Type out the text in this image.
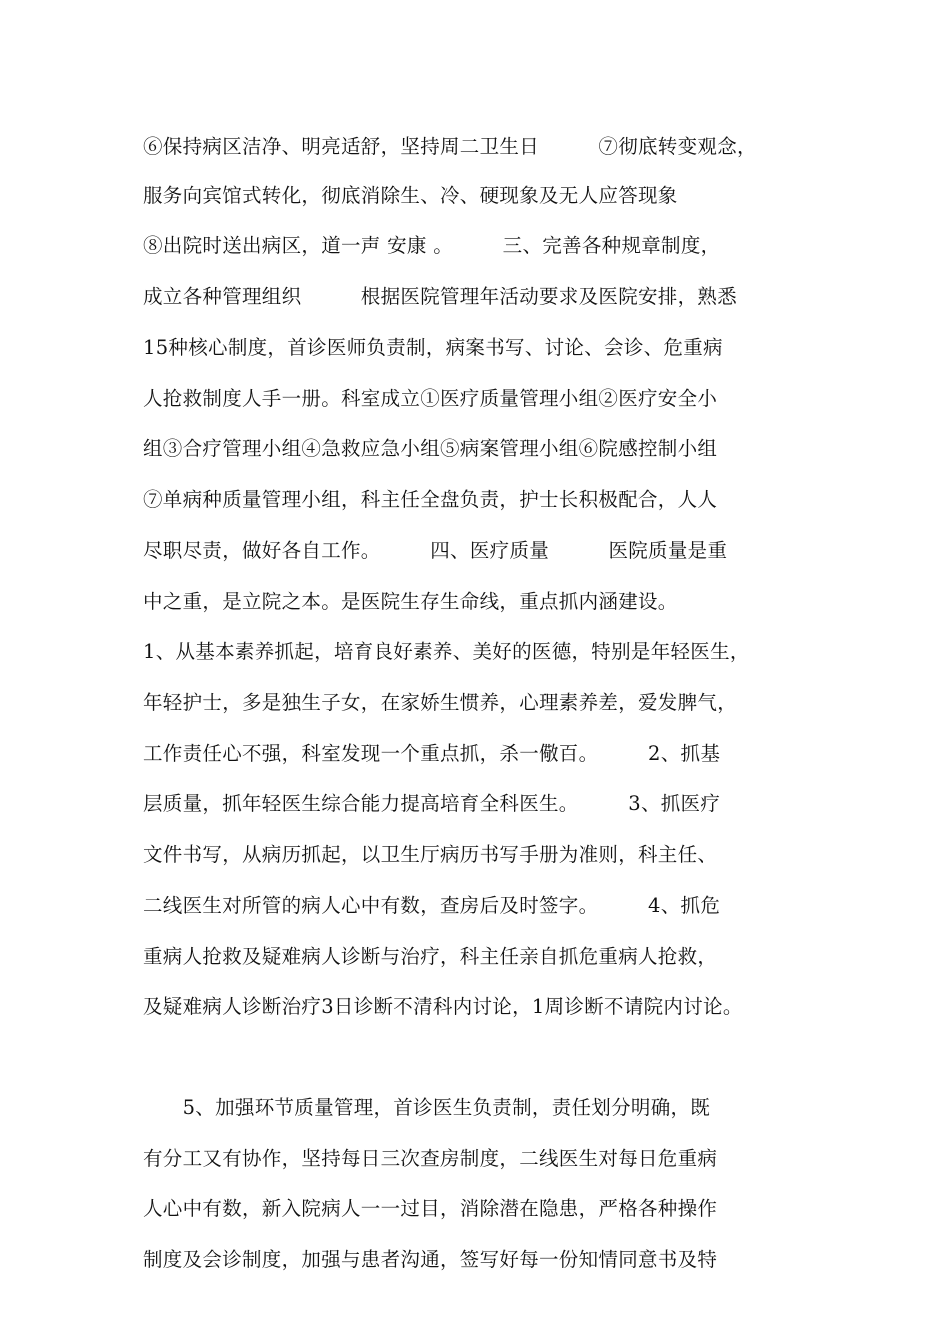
⑥保持病区洁净、明亮适舒，坚持周二卫生日　　　⑦彻底转变观念，
服务向宾馆式转化，彻底消除生、冷、硬现象及无人应答现象
⑧出院时送出病区，道一声 安康 。　　　三、完善各种规章制度，
成立各种管理组织　　　根据医院管理年活动要求及医院安排，熟悉
15种核心制度，首诊医师负责制，病案书写、讨论、会诊、危重病
人抢救制度人手一册。科室成立①医疗质量管理小组②医疗安全小
组③合疗管理小组④急救应急小组⑤病案管理小组⑥院感控制小组
⑦单病种质量管理小组，科主任全盘负责，护士长积极配合，人人
尽职尽责，做好各自工作。　　　四、医疗质量　　　医院质量是重
中之重，是立院之本。是医院生存生命线，重点抓内涵建设。
1、从基本素养抓起，培育良好素养、美好的医德，特别是年轻医生，
年轻护士，多是独生子女，在家娇生惯养，心理素养差，爱发脾气，
工作责任心不强，科室发现一个重点抓，杀一儆百。　　　2、抓基
层质量，抓年轻医生综合能力提高培育全科医生。　　　3、抓医疗
文件书写，从病历抓起，以卫生厅病历书写手册为准则，科主任、
二线医生对所管的病人心中有数，查房后及时签字。　　　4、抓危
重病人抢救及疑难病人诊断与治疗，科主任亲自抓危重病人抢救，
及疑难病人诊断治疗3日诊断不清科内讨论，1周诊断不请院内讨论。
　　5、加强环节质量管理，首诊医生负责制，责任划分明确，既
有分工又有协作，坚持每日三次查房制度，二线医生对每日危重病
人心中有数，新入院病人一一过目，消除潜在隐患，严格各种操作
制度及会诊制度，加强与患者沟通，签写好每一份知情同意书及特
